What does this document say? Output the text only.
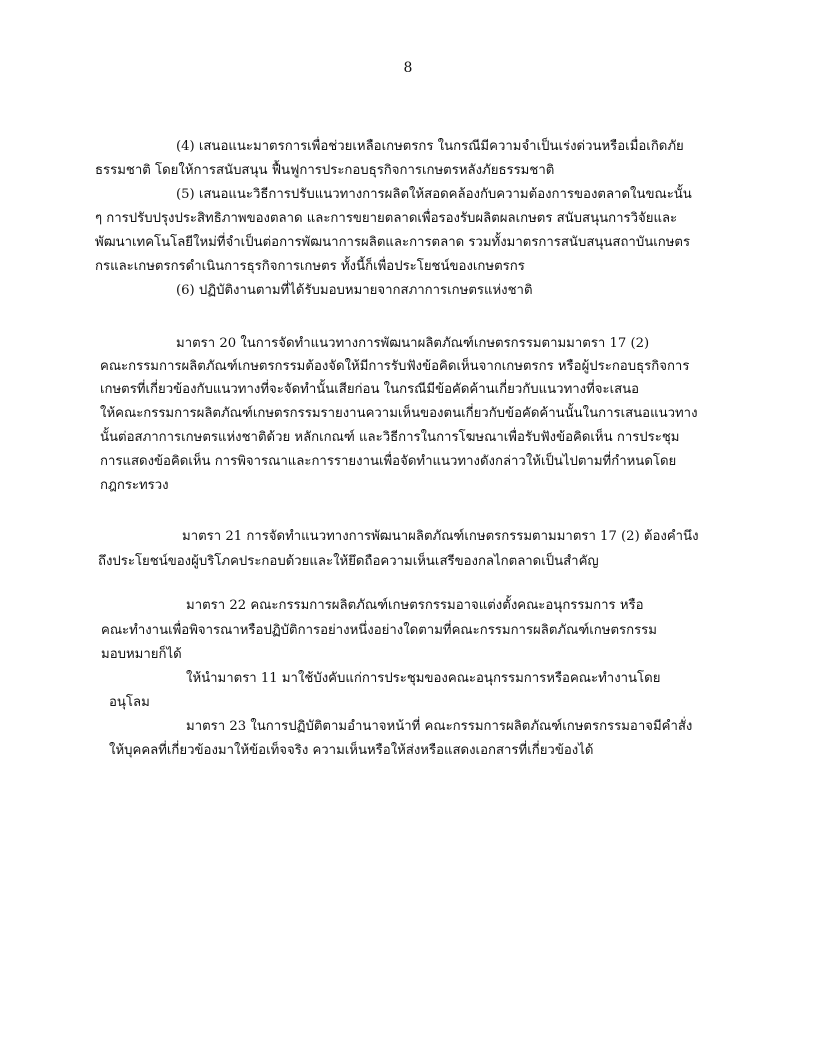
8
(4) เสนอแนะมาตรการเพื่อช่วยเหลือเกษตรกร ในกรณีมีความจำเป็นเร่งด่วนหรือเมื่อเกิดภัย
ธรรมชาติ โดยให้การสนับสนุน ฟื้นฟูการประกอบธุรกิจการเกษตรหลังภัยธรรมชาติ
(5) เสนอแนะวิธีการปรับแนวทางการผลิตให้สอดคล้องกับความต้องการของตลาดในขณะนั้น
ๆ การปรับปรุงประสิทธิภาพของตลาด และการขยายตลาดเพื่อรองรับผลิตผลเกษตร สนับสนุนการวิจัยและ
พัฒนาเทคโนโลยีใหม่ที่จำเป็นต่อการพัฒนาการผลิตและการตลาด รวมทั้งมาตรการสนับสนุนสถาบันเกษตร
กรและเกษตรกรดำเนินการธุรกิจการเกษตร ทั้งนี้ก็เพื่อประโยชน์ของเกษตรกร
(6) ปฏิบัติงานตามที่ได้รับมอบหมายจากสภาการเกษตรแห่งชาติ
มาตรา 20 ในการจัดทำแนวทางการพัฒนาผลิตภัณฑ์เกษตรกรรมตามมาตรา 17 (2)
คณะกรรมการผลิตภัณฑ์เกษตรกรรมต้องจัดให้มีการรับฟังข้อคิดเห็นจากเกษตรกร หรือผู้ประกอบธุรกิจการ
เกษตรที่เกี่ยวข้องกับแนวทางที่จะจัดทำนั้นเสียก่อน ในกรณีมีข้อคัดค้านเกี่ยวกับแนวทางที่จะเสนอ
ให้คณะกรรมการผลิตภัณฑ์เกษตรกรรมรายงานความเห็นของตนเกี่ยวกับข้อคัดค้านนั้นในการเสนอแนวทาง
นั้นต่อสภาการเกษตรแห่งชาติด้วย หลักเกณฑ์ และวิธีการในการโฆษณาเพื่อรับฟังข้อคิดเห็น การประชุม
การแสดงข้อคิดเห็น การพิจารณาและการรายงานเพื่อจัดทำแนวทางดังกล่าวให้เป็นไปตามที่กำหนดโดย
กฎกระทรวง
มาตรา 21 การจัดทำแนวทางการพัฒนาผลิตภัณฑ์เกษตรกรรมตามมาตรา 17 (2) ต้องคำนึง
ถึงประโยชน์ของผู้บริโภคประกอบด้วยและให้ยึดถือความเห็นเสรีของกลไกตลาดเป็นสำคัญ
มาตรา 22 คณะกรรมการผลิตภัณฑ์เกษตรกรรมอาจแต่งตั้งคณะอนุกรรมการ หรือ
คณะทำงานเพื่อพิจารณาหรือปฏิบัติการอย่างหนึ่งอย่างใดตามที่คณะกรรมการผลิตภัณฑ์เกษตรกรรม
มอบหมายก็ได้
ให้นำมาตรา 11 มาใช้บังคับแก่การประชุมของคณะอนุกรรมการหรือคณะทำงานโดย
อนุโลม
มาตรา 23 ในการปฏิบัติตามอำนาจหน้าที่ คณะกรรมการผลิตภัณฑ์เกษตรกรรมอาจมีคำสั่ง
ให้บุคคลที่เกี่ยวข้องมาให้ข้อเท็จจริง ความเห็นหรือให้ส่งหรือแสดงเอกสารที่เกี่ยวข้องได้
